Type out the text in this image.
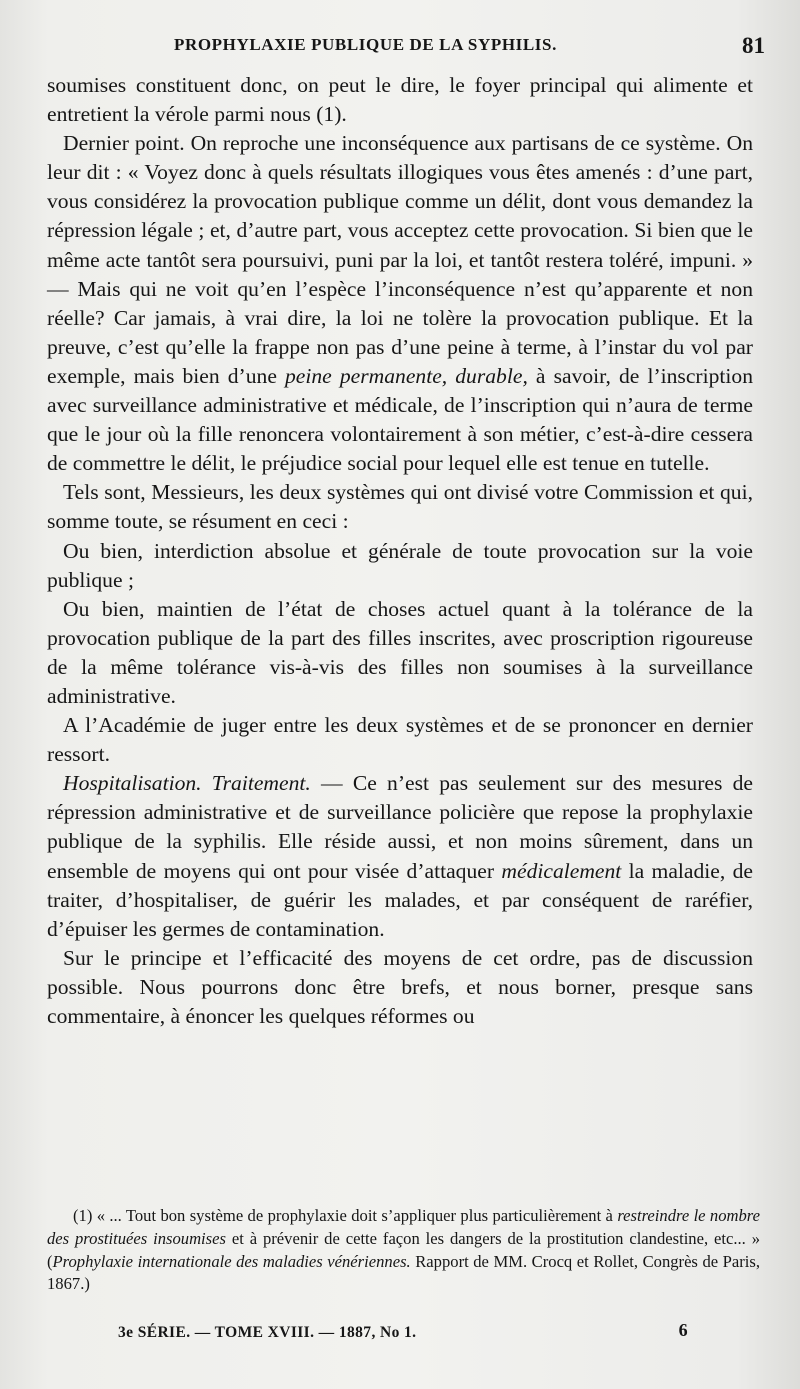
PROPHYLAXIE PUBLIQUE DE LA SYPHILIS.	81

soumises constituent donc, on peut le dire, le foyer principal qui alimente et entretient la vérole parmi nous (1).

Dernier point. On reproche une inconséquence aux partisans de ce système. On leur dit : « Voyez donc à quels résultats illogiques vous êtes amenés : d’une part, vous considérez la provocation publique comme un délit, dont vous demandez la répression légale ; et, d’autre part, vous acceptez cette provocation. Si bien que le même acte tantôt sera poursuivi, puni par la loi, et tantôt restera toléré, impuni. » — Mais qui ne voit qu’en l’espèce l’inconséquence n’est qu’apparente et non réelle? Car jamais, à vrai dire, la loi ne tolère la provocation publique. Et la preuve, c’est qu’elle la frappe non pas d’une peine à terme, à l’instar du vol par exemple, mais bien d’une peine permanente, durable, à savoir, de l’inscription avec surveillance administrative et médicale, de l’inscription qui n’aura de terme que le jour où la fille renoncera volontairement à son métier, c’est-à-dire cessera de commettre le délit, le préjudice social pour lequel elle est tenue en tutelle.

Tels sont, Messieurs, les deux systèmes qui ont divisé votre Commission et qui, somme toute, se résument en ceci :

Ou bien, interdiction absolue et générale de toute provocation sur la voie publique ;

Ou bien, maintien de l’état de choses actuel quant à la tolérance de la provocation publique de la part des filles inscrites, avec proscription rigoureuse de la même tolérance vis-à-vis des filles non soumises à la surveillance administrative.

A l’Académie de juger entre les deux systèmes et de se prononcer en dernier ressort.

Hospitalisation. Traitement. — Ce n’est pas seulement sur des mesures de répression administrative et de surveillance policière que repose la prophylaxie publique de la syphilis. Elle réside aussi, et non moins sûrement, dans un ensemble de moyens qui ont pour visée d’attaquer médicalement la maladie, de traiter, d’hospitaliser, de guérir les malades, et par conséquent de raréfier, d’épuiser les germes de contamination.

Sur le principe et l’efficacité des moyens de cet ordre, pas de discussion possible. Nous pourrons donc être brefs, et nous borner, presque sans commentaire, à énoncer les quelques réformes ou

(1) « ... Tout bon système de prophylaxie doit s’appliquer plus particulièrement à restreindre le nombre des prostituées insoumises et à prévenir de cette façon les dangers de la prostitution clandestine, etc... » (Prophylaxie internationale des maladies vénériennes. Rapport de MM. Crocq et Rollet, Congrès de Paris, 1867.)

3e SÉRIE. — TOME XVIII. — 1887, No 1.	6
